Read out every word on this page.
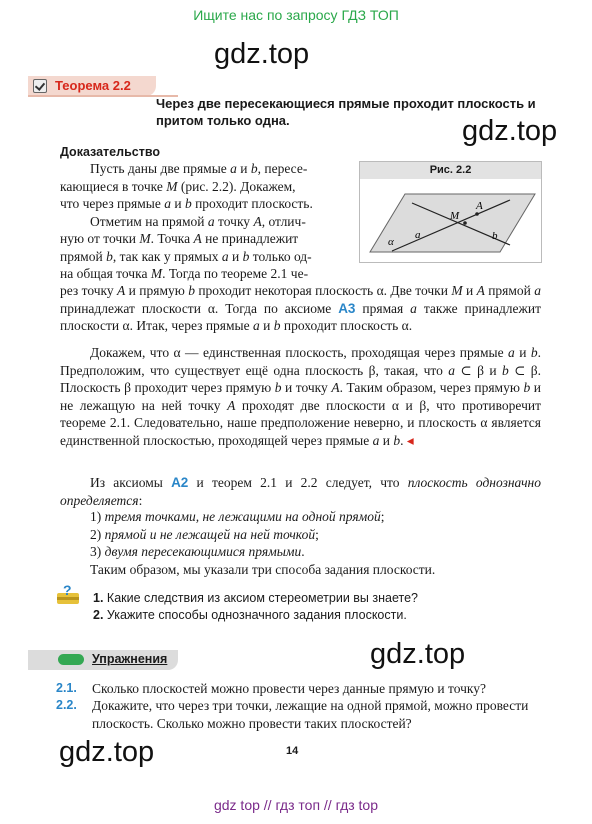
Ищите нас по запросу ГДЗ ТОП
gdz.top
gdz.top
gdz.top
gdz.top
Теорема 2.2
Через две пересекающиеся прямые проходит плоскость и притом только одна.
Доказательство
Пусть даны две прямые a и b, пересе-
кающиеся в точке M (рис. 2.2). Докажем,
что через прямые a и b проходит плоскость.
Отметим на прямой a точку A, отлич-
ную от точки M. Точка A не принадлежит
прямой b, так как у прямых a и b только од-
на общая точка M. Тогда по теореме 2.1 че-
Рис. 2.2
M
A
a	b
α

рез точку A и прямую b проходит некоторая плоскость α. Две точки M и A прямой a принадлежат плоскости α. Тогда по аксиоме А3 прямая a также принадлежит плоскости α. Итак, через прямые a и b проходит плоскость α.

Докажем, что α — единственная плоскость, проходящая через прямые a и b. Предположим, что существует ещё одна плоскость β, такая, что a ⊂ β и b ⊂ β. Плоскость β проходит через прямую b и точку A. Таким образом, через прямую b и не лежащую на ней точку A проходят две плоскости α и β, что противоречит теореме 2.1. Следовательно, наше предположение неверно, и плоскость α является единственной плоскостью, проходящей через прямые a и b. ◂

Из аксиомы А2 и теорем 2.1 и 2.2 следует, что плоскость однозначно определяется:

1) тремя точками, не лежащими на одной прямой;
2) прямой и не лежащей на ней точкой;
3) двумя пересекающимися прямыми.
Таким образом, мы указали три способа задания плоскости.
? 1. Какие следствия из аксиом стереометрии вы знаете?
2. Укажите способы однозначного задания плоскости.
Упражнения
2.1. Сколько плоскостей можно провести через данные прямую и точку?
2.2. Докажите, что через три точки, лежащие на одной прямой, можно провести плоскость. Сколько можно провести таких плоскостей?
14
gdz top // гдз топ // гдз top
